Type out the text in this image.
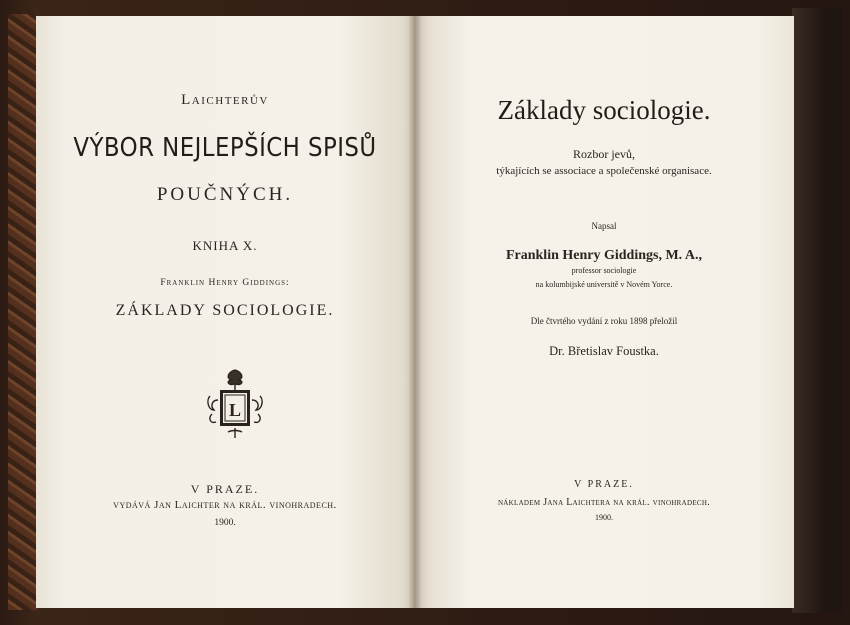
Laichterův
VÝBOR NEJLEPŠÍCH SPISŮ
POUČNÝCH.
KNIHA X.
Franklin Henry Giddings:
ZÁKLADY SOCIOLOGIE.
L
V PRAZE.
vydává Jan Laichter na král. vinohradech.
1900.
Základy sociologie.
Rozbor jevů,
týkajících se associace a společenské organisace.
Napsal
Franklin Henry Giddings, M. A.,
professor sociologie
na kolumbijské universitě v Novém Yorce.
Dle čtvrtého vydání z roku 1898 přeložil
Dr. Břetislav Foustka.
V PRAZE.
nákladem Jana Laichtera na král. vinohradech.
1900.
